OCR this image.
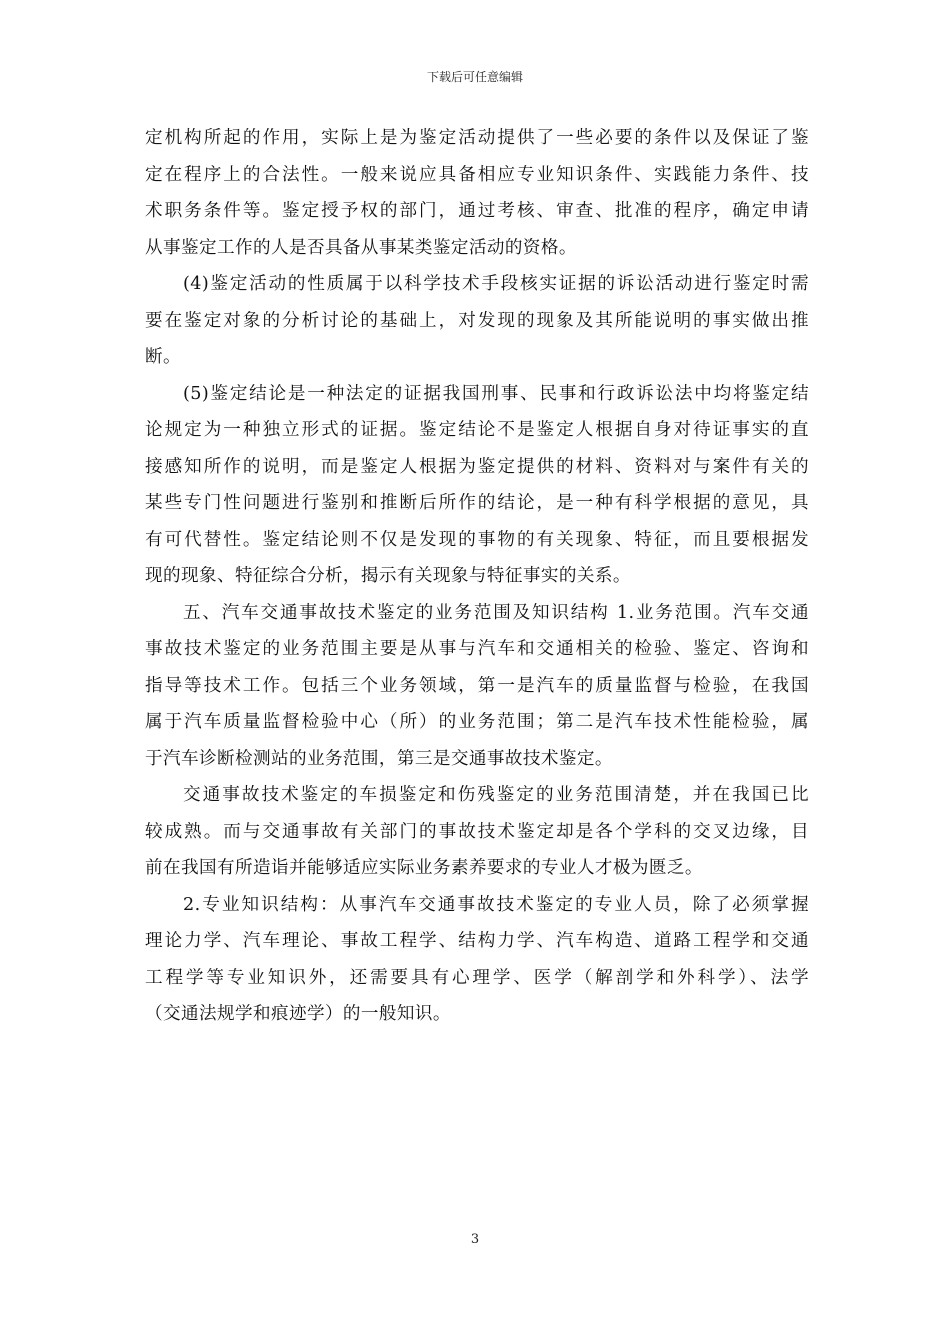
下载后可任意编辑
定机构所起的作用，实际上是为鉴定活动提供了一些必要的条件以及保证了鉴
定在程序上的合法性。一般来说应具备相应专业知识条件、实践能力条件、技
术职务条件等。鉴定授予权的部门，通过考核、审查、批准的程序，确定申请
从事鉴定工作的人是否具备从事某类鉴定活动的资格。
(4)鉴定活动的性质属于以科学技术手段核实证据的诉讼活动进行鉴定时需
要在鉴定对象的分析讨论的基础上，对发现的现象及其所能说明的事实做出推
断。
(5)鉴定结论是一种法定的证据我国刑事、民事和行政诉讼法中均将鉴定结
论规定为一种独立形式的证据。鉴定结论不是鉴定人根据自身对待证事实的直
接感知所作的说明，而是鉴定人根据为鉴定提供的材料、资料对与案件有关的
某些专门性问题进行鉴别和推断后所作的结论，是一种有科学根据的意见，具
有可代替性。鉴定结论则不仅是发现的事物的有关现象、特征，而且要根据发
现的现象、特征综合分析，揭示有关现象与特征事实的关系。
五、汽车交通事故技术鉴定的业务范围及知识结构 1.业务范围。汽车交通
事故技术鉴定的业务范围主要是从事与汽车和交通相关的检验、鉴定、咨询和
指导等技术工作。包括三个业务领域，第一是汽车的质量监督与检验，在我国
属于汽车质量监督检验中心（所）的业务范围；第二是汽车技术性能检验，属
于汽车诊断检测站的业务范围，第三是交通事故技术鉴定。
交通事故技术鉴定的车损鉴定和伤残鉴定的业务范围清楚，并在我国已比
较成熟。而与交通事故有关部门的事故技术鉴定却是各个学科的交叉边缘，目
前在我国有所造诣并能够适应实际业务素养要求的专业人才极为匮乏。
2.专业知识结构：从事汽车交通事故技术鉴定的专业人员，除了必须掌握
理论力学、汽车理论、事故工程学、结构力学、汽车构造、道路工程学和交通
工程学等专业知识外，还需要具有心理学、医学（解剖学和外科学）、法学
（交通法规学和痕迹学）的一般知识。
3
